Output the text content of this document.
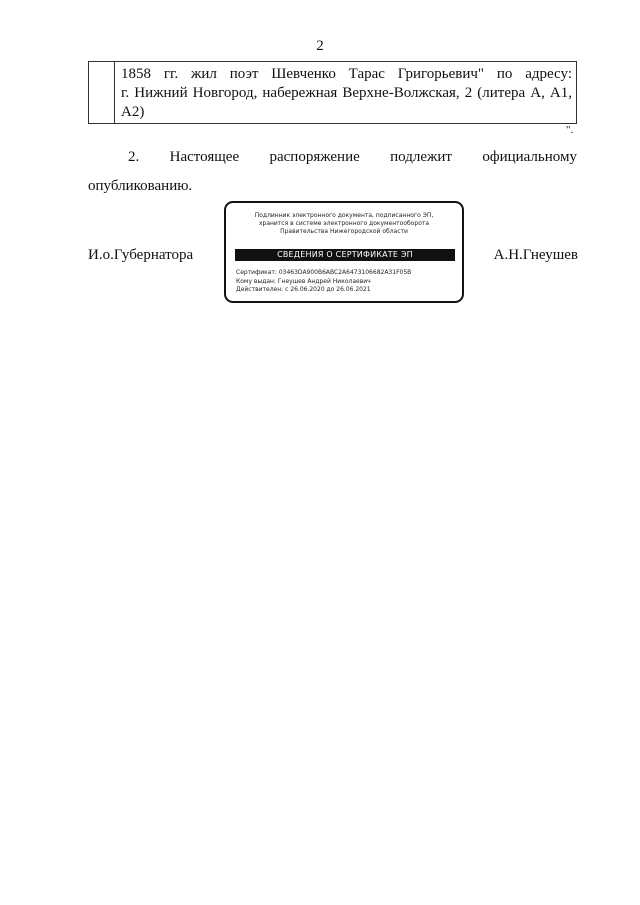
2
1858 гг. жил поэт Шевченко Тарас Григорьевич" по адресу:
г. Нижний Новгород, набережная Верхне-Волжская, 2 (литера А, А1,
А2)
".
2. Настоящее распоряжение подлежит официальному
опубликованию.
И.о.Губернатора
Подлинник электронного документа, подписанного ЭП,
хранится в системе электронного документооборота
Правительства Нижегородской области
СВЕДЕНИЯ О СЕРТИФИКАТЕ ЭП
Сертификат: 03463DA900B6ABC2A6473106682A31F05B
Кому выдан: Гнеушев Андрей Николаевич
Действителен: с 26.06.2020 до 26.06.2021
А.Н.Гнеушев
